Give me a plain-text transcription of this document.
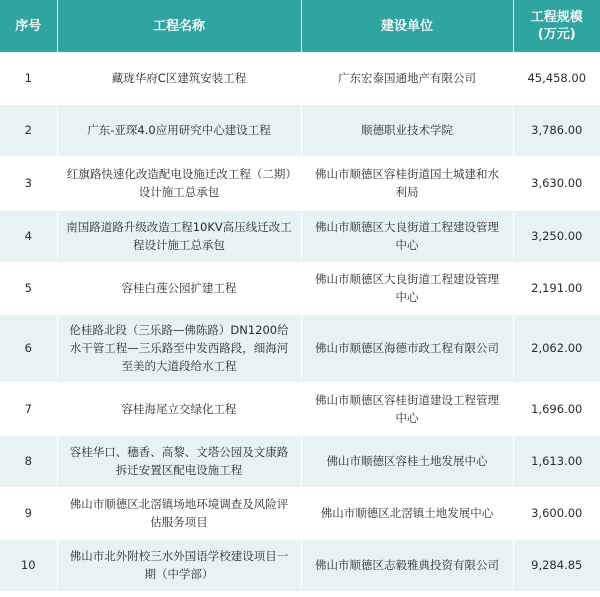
序号	工程名称	建设单位	工程规模
(万元)
1	藏珑华府C区建筑安装工程	广东宏泰国通地产有限公司	45,458.00
2	广东-亚琛4.0应用研究中心建设工程	顺德职业技术学院	3,786.00
3	红旗路快速化改造配电设施迁改工程（二期）设计施工总承包	佛山市顺德区容桂街道国土城建和水利局	3,630.00
4	南国路道路升级改造工程10KV高压线迁改工程设计施工总承包	佛山市顺德区大良街道工程建设管理中心	3,250.00
5	容桂白莲公园扩建工程	佛山市顺德区大良街道工程建设管理中心	2,191.00
6	伦桂路北段（三乐路—佛陈路）DN1200给水干管工程—三乐路至中发西路段，细海河至美的大道段给水工程	佛山市顺德区海德市政工程有限公司	2,062.00
7	容桂海尾立交绿化工程	佛山市顺德区容桂街道建设工程管理中心	1,696.00
8	容桂华口、穗香、高黎、文塔公园及文康路拆迁安置区配电设施工程	佛山市顺德区容桂土地发展中心	1,613.00
9	佛山市顺德区北滘镇场地环境调查及风险评估服务项目	佛山市顺德区北滘镇土地发展中心	3,600.00
10	佛山市北外附校三水外国语学校建设项目一期（中学部）	佛山市顺德区志毅雅典投资有限公司	9,284.85
